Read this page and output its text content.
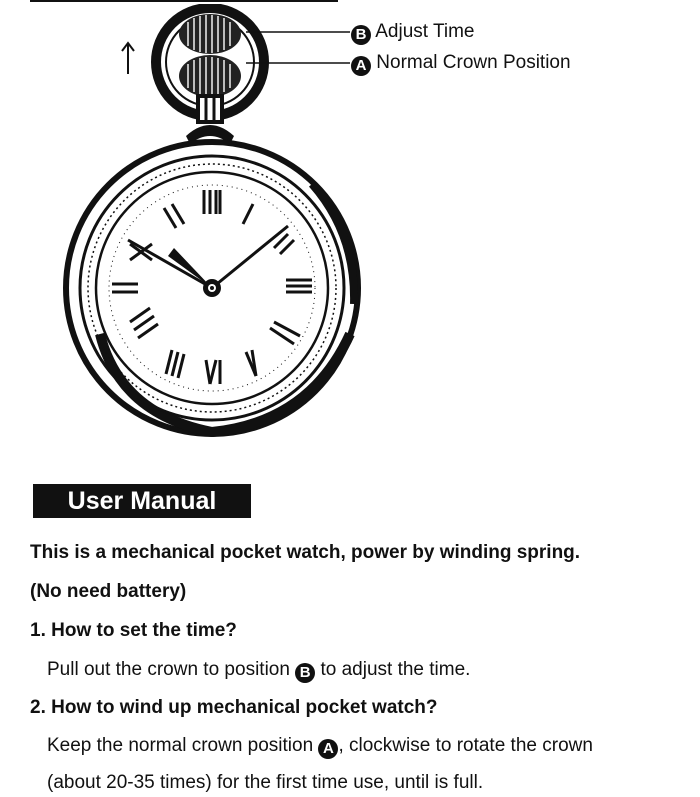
B Adjust Time
A Normal Crown Position
User Manual
This is a mechanical pocket watch, power by winding spring.
(No need battery)
1. How to set the time?
Pull out the crown to position B to adjust the time.
2. How to wind up mechanical pocket watch?
Keep the normal crown position A , clockwise to rotate the crown
(about 20-35 times) for the first time use, until is full.
